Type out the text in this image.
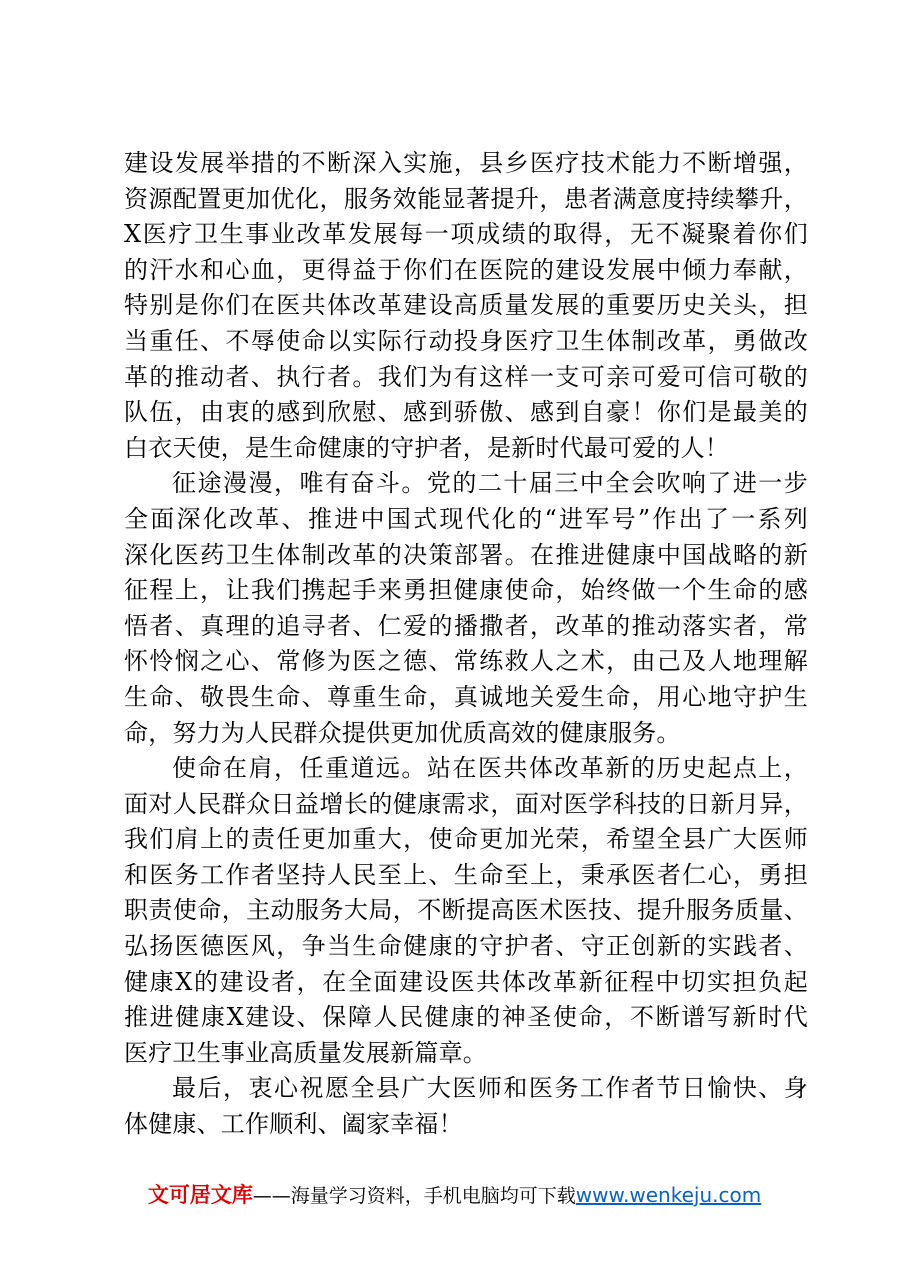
建设发展举措的不断深入实施，县乡医疗技术能力不断增强，
资源配置更加优化，服务效能显著提升，患者满意度持续攀升，
X医疗卫生事业改革发展每一项成绩的取得，无不凝聚着你们
的汗水和心血，更得益于你们在医院的建设发展中倾力奉献，
特别是你们在医共体改革建设高质量发展的重要历史关头，担
当重任、不辱使命以实际行动投身医疗卫生体制改革，勇做改
革的推动者、执行者。我们为有这样一支可亲可爱可信可敬的
队伍，由衷的感到欣慰、感到骄傲、感到自豪！你们是最美的
白衣天使，是生命健康的守护者，是新时代最可爱的人！
征途漫漫，唯有奋斗。党的二十届三中全会吹响了进一步
全面深化改革、推进中国式现代化的“进军号”作出了一系列
深化医药卫生体制改革的决策部署。在推进健康中国战略的新
征程上，让我们携起手来勇担健康使命，始终做一个生命的感
悟者、真理的追寻者、仁爱的播撒者，改革的推动落实者，常
怀怜悯之心、常修为医之德、常练救人之术，由己及人地理解
生命、敬畏生命、尊重生命，真诚地关爱生命，用心地守护生
命，努力为人民群众提供更加优质高效的健康服务。
使命在肩，任重道远。站在医共体改革新的历史起点上，
面对人民群众日益增长的健康需求，面对医学科技的日新月异，
我们肩上的责任更加重大，使命更加光荣，希望全县广大医师
和医务工作者坚持人民至上、生命至上，秉承医者仁心，勇担
职责使命，主动服务大局，不断提高医术医技、提升服务质量、
弘扬医德医风，争当生命健康的守护者、守正创新的实践者、
健康X的建设者，在全面建设医共体改革新征程中切实担负起
推进健康X建设、保障人民健康的神圣使命，不断谱写新时代
医疗卫生事业高质量发展新篇章。
最后，衷心祝愿全县广大医师和医务工作者节日愉快、身
体健康、工作顺利、阖家幸福！
文可居文库——海量学习资料，手机电脑均可下载www.wenkeju.com
